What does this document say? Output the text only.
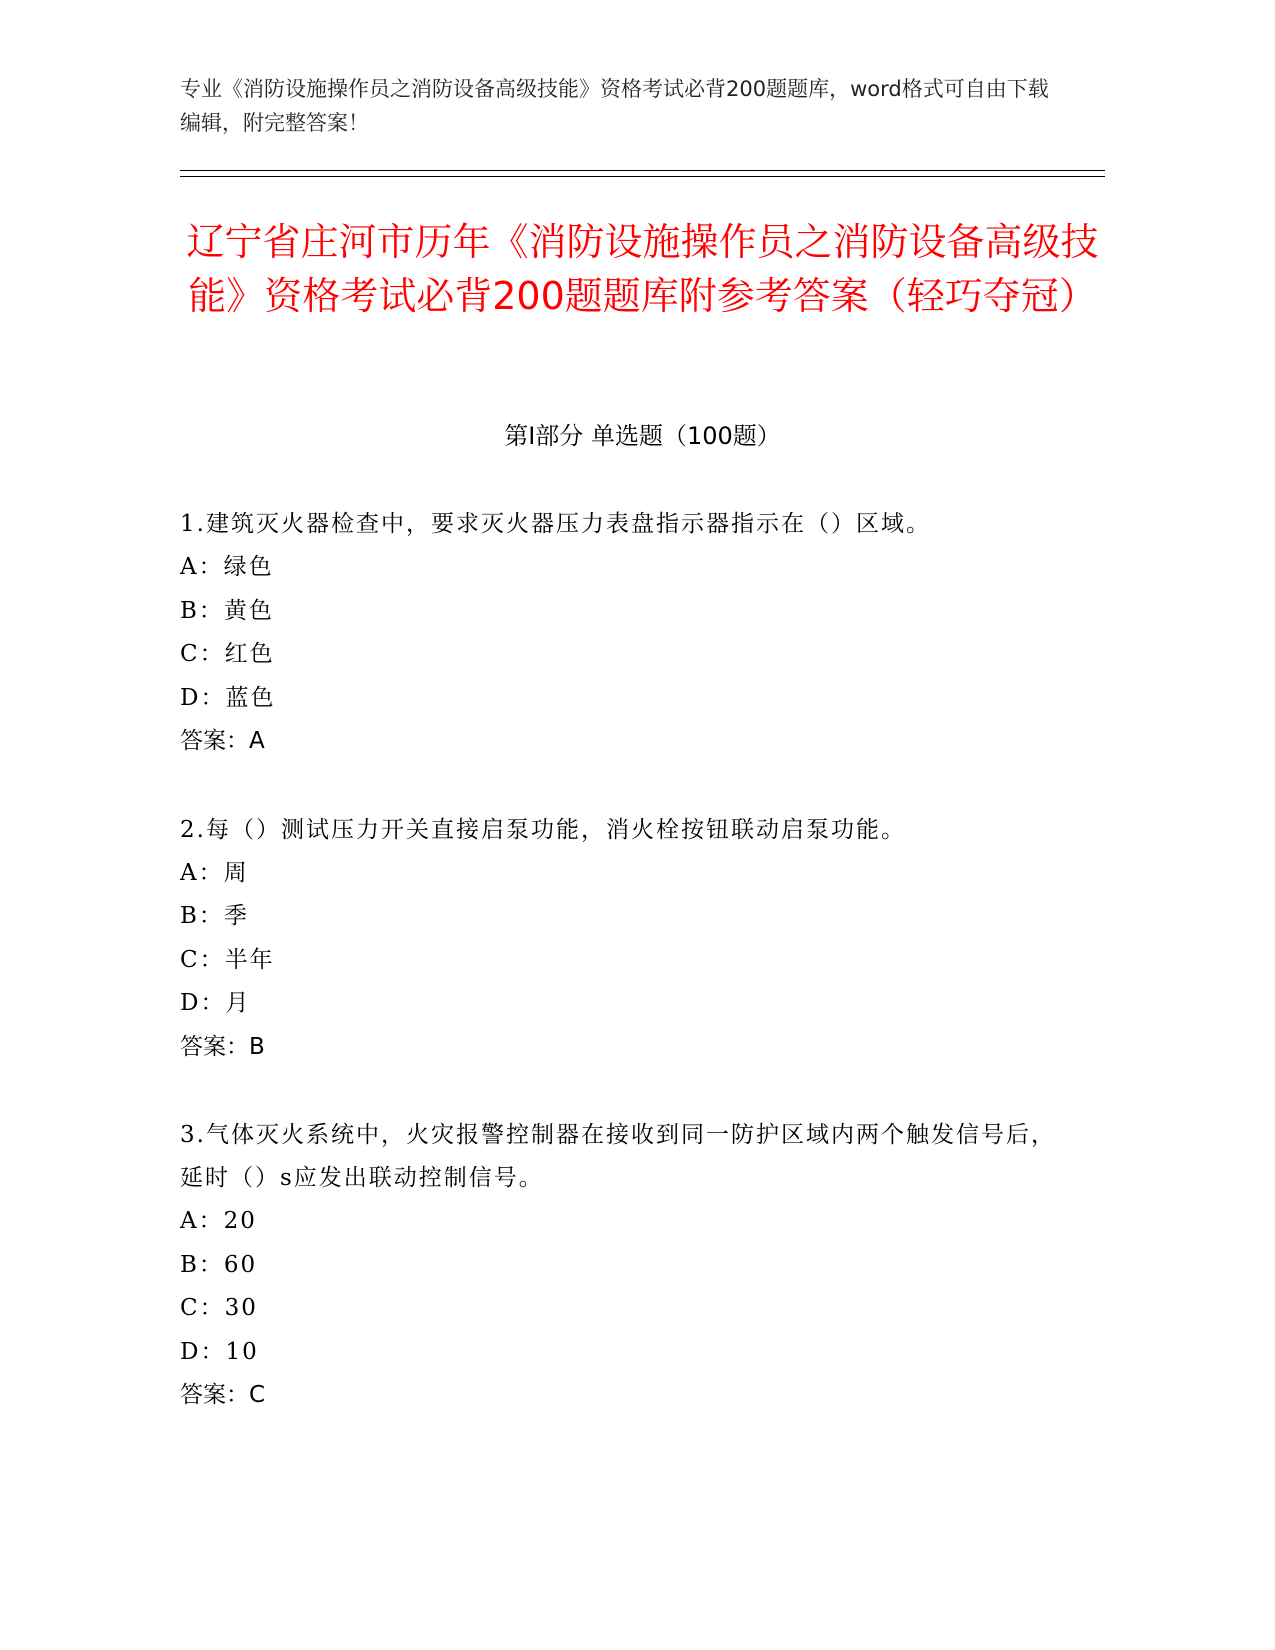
专业《消防设施操作员之消防设备高级技能》资格考试必背200题题库，word格式可自由下载编辑，附完整答案！
辽宁省庄河市历年《消防设施操作员之消防设备高级技能》资格考试必背200题题库附参考答案（轻巧夺冠）
第Ⅰ部分 单选题（100题）
1.建筑灭火器检查中，要求灭火器压力表盘指示器指示在（）区域。
A：绿色
B：黄色
C：红色
D：蓝色
答案：A
2.每（）测试压力开关直接启泵功能，消火栓按钮联动启泵功能。
A：周
B：季
C：半年
D：月
答案：B
3.气体灭火系统中，火灾报警控制器在接收到同一防护区域内两个触发信号后，延时（）s应发出联动控制信号。
A：20
B：60
C：30
D：10
答案：C
